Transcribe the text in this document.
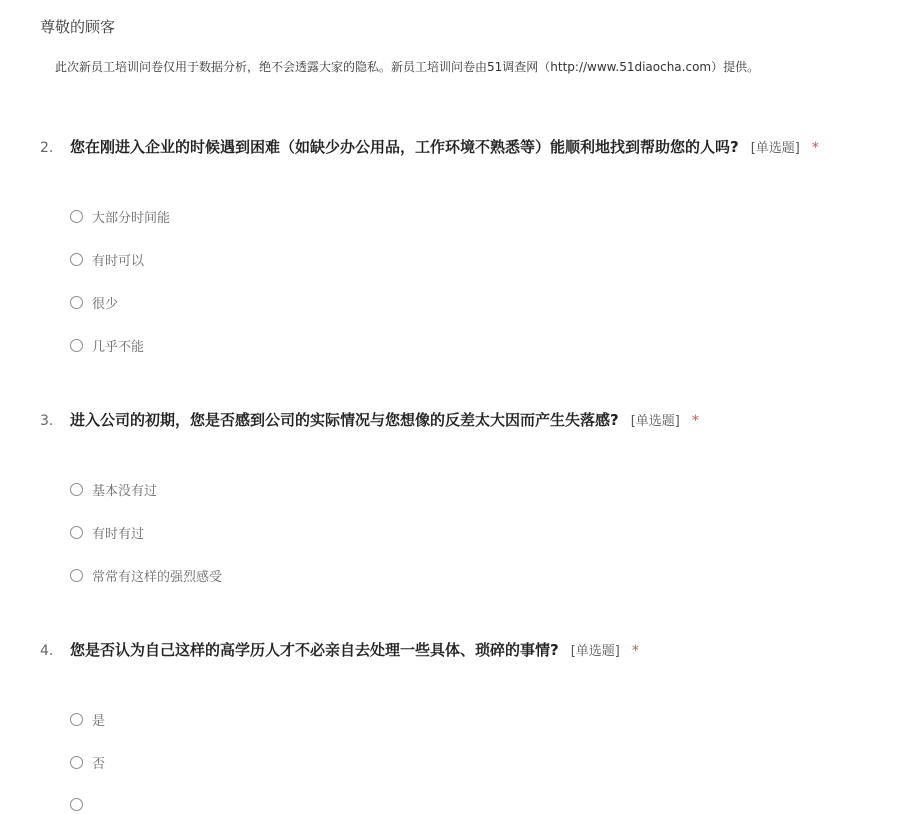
尊敬的顾客
此次新员工培训问卷仅用于数据分析，绝不会透露大家的隐私。新员工培训问卷由51调查网（http://www.51diaocha.com）提供。
2.	您在刚进入企业的时候遇到困难（如缺少办公用品，工作环境不熟悉等）能顺利地找到帮助您的人吗? [单选题] *
大部分时间能
有时可以
很少
几乎不能
3.	进入公司的初期，您是否感到公司的实际情况与您想像的反差太大因而产生失落感? [单选题] *
基本没有过
有时有过
常常有这样的强烈感受
4.	您是否认为自己这样的高学历人才不必亲自去处理一些具体、琐碎的事情? [单选题] *
是
否
